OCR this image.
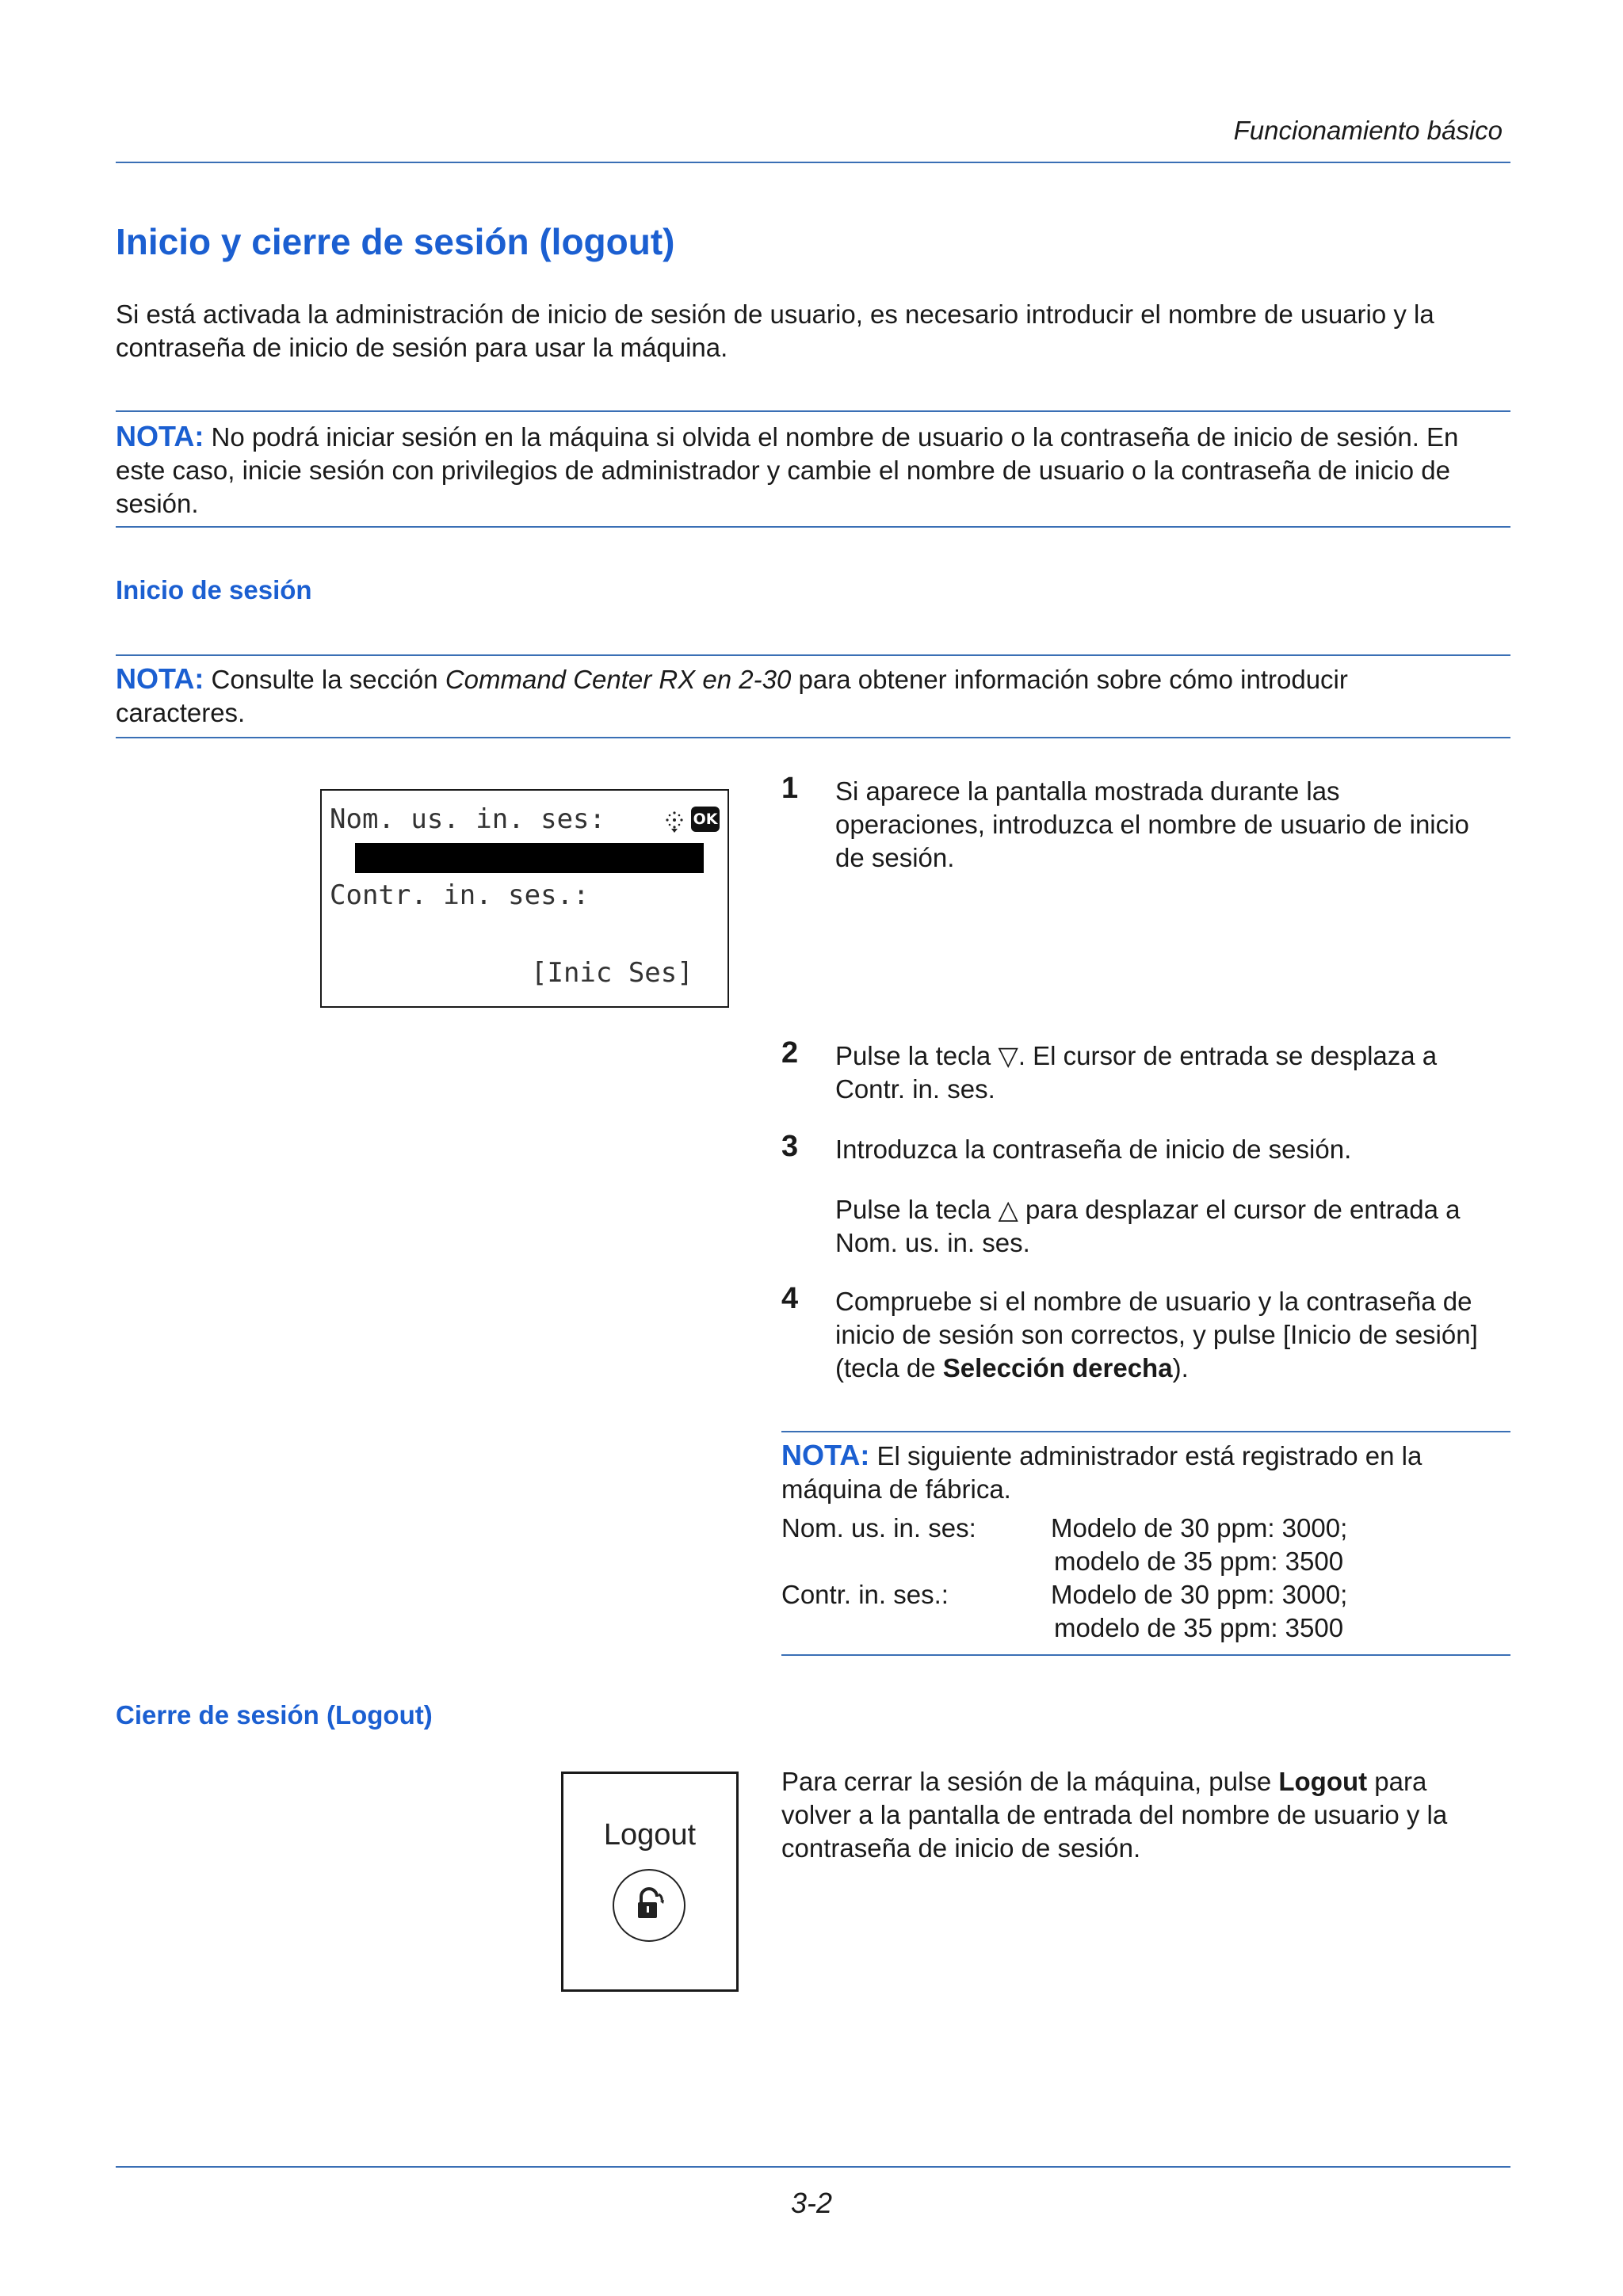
Funcionamiento básico
Inicio y cierre de sesión (logout)
Si está activada la administración de inicio de sesión de usuario, es necesario introducir el nombre de usuario y la
contraseña de inicio de sesión para usar la máquina.
NOTA: No podrá iniciar sesión en la máquina si olvida el nombre de usuario o la contraseña de inicio de sesión. En
este caso, inicie sesión con privilegios de administrador y cambie el nombre de usuario o la contraseña de inicio de
sesión.
Inicio de sesión
NOTA: Consulte la sección Command Center RX en 2-30 para obtener información sobre cómo introducir
caracteres.
Nom. us. in. ses:	OK
Contr. in. ses.:
[Inic Ses]
1 Si aparece la pantalla mostrada durante las
operaciones, introduzca el nombre de usuario de inicio
de sesión.
2 Pulse la tecla ▽. El cursor de entrada se desplaza a
Contr. in. ses.
3 Introduzca la contraseña de inicio de sesión.
Pulse la tecla △ para desplazar el cursor de entrada a
Nom. us. in. ses.
4 Compruebe si el nombre de usuario y la contraseña de
inicio de sesión son correctos, y pulse [Inicio de sesión]
(tecla de Selección derecha).
NOTA: El siguiente administrador está registrado en la
máquina de fábrica.
Nom. us. in. ses:	Modelo de 30 ppm: 3000;
modelo de 35 ppm: 3500
Contr. in. ses.:	Modelo de 30 ppm: 3000;
modelo de 35 ppm: 3500
Cierre de sesión (Logout)
Logout
Para cerrar la sesión de la máquina, pulse Logout para
volver a la pantalla de entrada del nombre de usuario y la
contraseña de inicio de sesión.
3-2
